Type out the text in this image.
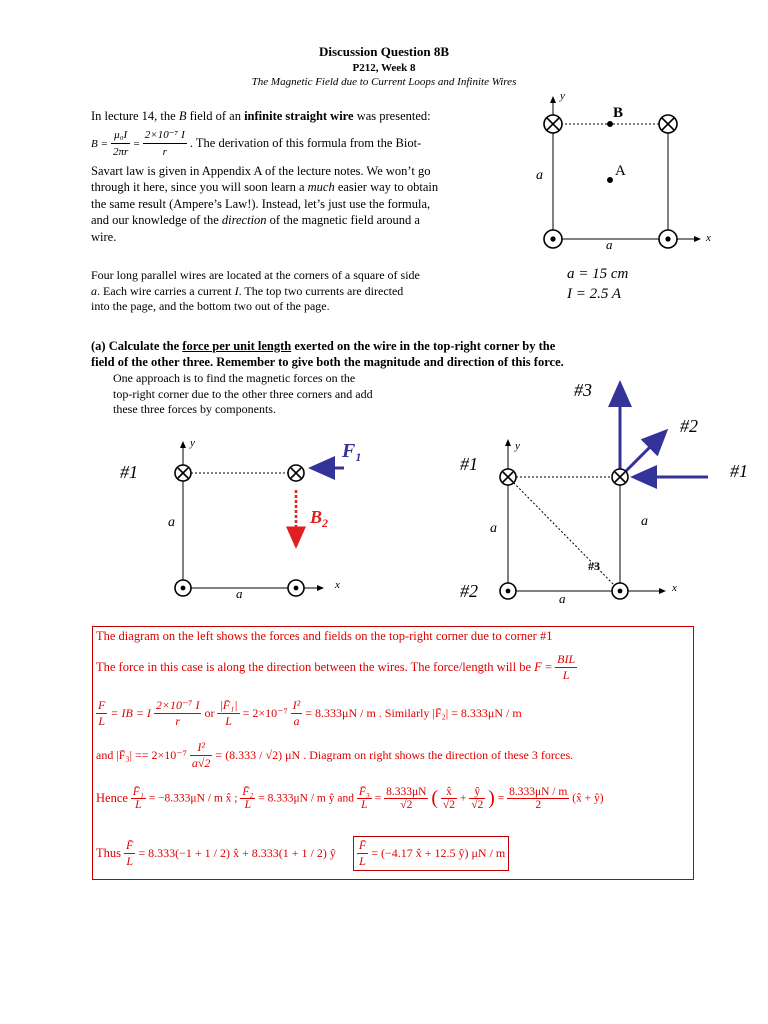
Discussion Question 8B
P212, Week 8
The Magnetic Field due to Current Loops and Infinite Wires
In lecture 14, the B field of an infinite straight wire was presented:
$B = \frac{\text{μ₀I}}{2\pi r} = \frac{\text{2×10⁻⁷ I}}{r}$ . The derivation of this formula from the Biot-
Savart law is given in Appendix A of the lecture notes. We won’t go
through it here, since you will soon learn a much easier way to obtain
the same result (Ampere’s Law!). Instead, let’s just use the formula,
and our knowledge of the direction of the magnetic field around a
wire.
Four long parallel wires are located at the corners of a square of side
a. Each wire carries a current I. The top two currents are directed
into the page, and the bottom two out of the page.
a = 15 cm
I = 2.5 A
B
A
a
a	x
y
(a) Calculate the force per unit length exerted on the wire in the top-right corner by the
field of the other three. Remember to give both the magnitude and direction of this force.
One approach is to find the magnetic forces on the
top-right corner due to the other three corners and add
these three forces by components.
#1
$F_1$
$B_2$
a
a
x
y
#1
#2
#3
#2
#1
#3
a	a
a
x
y
The diagram on the left shows the forces and fields on the top-right corner due to corner #1
The force in this case is along the direction between the wires. The force/length will be $F = \frac{\text{BIL}}{L}$
$\frac{F}{L}$ = IB = I $\frac{\text{2×10⁻⁷ I}}{r}$ or $\frac{\text{|F̄₁|}}{L} = 2\times 10^{-7} \frac{\text{I²}}{a} = 8.333\mu N / m$ . Similarly |F̄₂| = 8.333μN / m
and |F̄₃| == $2\times 10^{-7} \frac{\text{I²}}{a√2} = (8.333 / √2)$ μN . Diagram on right shows the direction of these 3 forces.
Hence $\frac{\text{F̄₁}}{L} = -8.333\mu N / m$ x̂ ; $\frac{\text{F̄₂}}{L} = 8.333\mu N / m$ ŷ and $\frac{\text{F̄₃}}{L} = \frac{8.333\mu N}{√2}$ ( $\frac{x̂}{√2} + \frac{ŷ}{√2}$ ) = $\frac{8.333\mu N / m}{2}$ (x̂ + ŷ)
Thus $\frac{F̄}{L} = 8.333(-1 + 1 / 2)$ x̂ + 8.333(1 + 1 / 2) ŷ $\frac{F̄}{L} = (-4.17$ x̂ + 12.5 ŷ) μN / m
